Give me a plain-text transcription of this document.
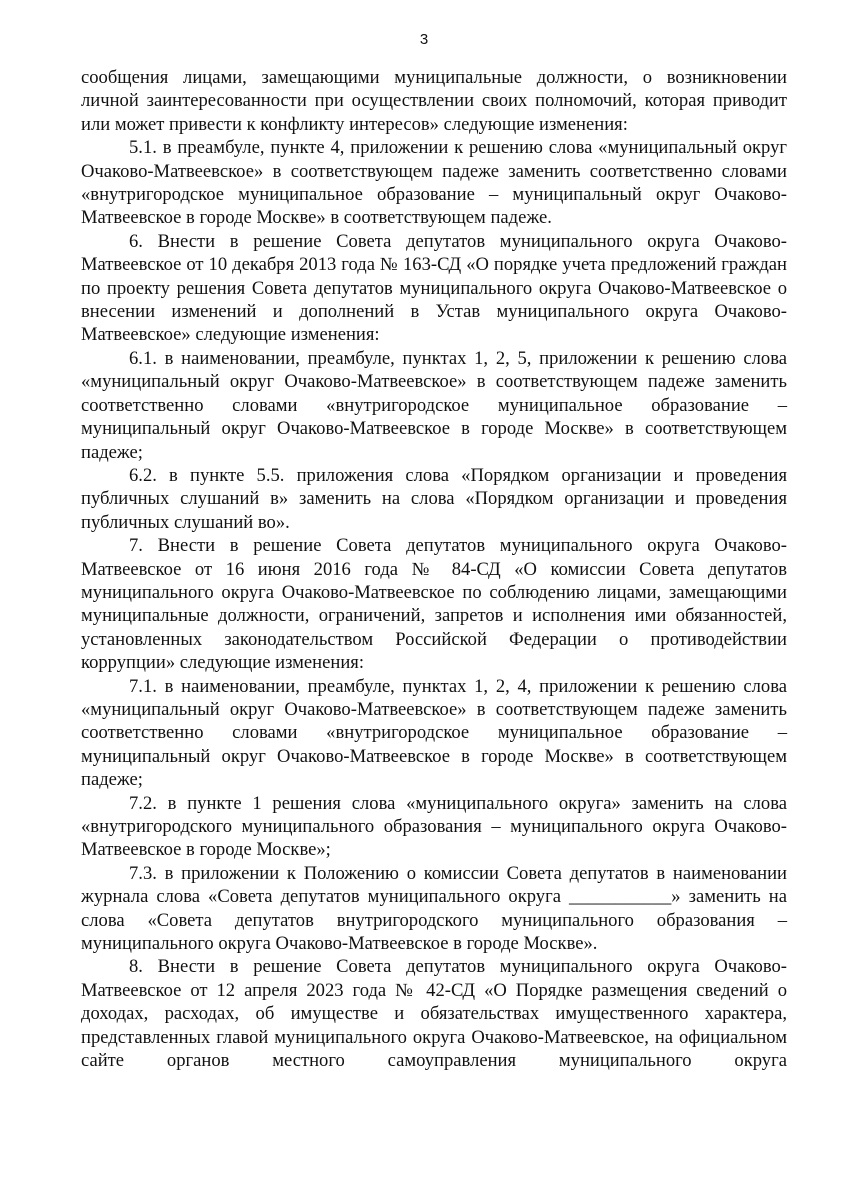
3

сообщения лицами, замещающими муниципальные должности, о возникновении личной заинтересованности при осуществлении своих полномочий, которая приводит или может привести к конфликту интересов» следующие изменения:

5.1. в преамбуле, пункте 4, приложении к решению слова «муниципальный округ Очаково-Матвеевское» в соответствующем падеже заменить соответственно словами «внутригородское муниципальное образование – муниципальный округ Очаково-Матвеевское в городе Москве» в соответствующем падеже.

6. Внести в решение Совета депутатов муниципального округа Очаково-Матвеевское от 10 декабря 2013 года № 163-СД «О порядке учета предложений граждан по проекту решения Совета депутатов муниципального округа Очаково-Матвеевское о внесении изменений и дополнений в Устав муниципального округа Очаково-Матвеевское» следующие изменения:

6.1. в наименовании, преамбуле, пунктах 1, 2, 5, приложении к решению слова «муниципальный округ Очаково-Матвеевское» в соответствующем падеже заменить соответственно словами «внутригородское муниципальное образование – муниципальный округ Очаково-Матвеевское в городе Москве» в соответствующем падеже;

6.2. в пункте 5.5. приложения слова «Порядком организации и проведения публичных слушаний в» заменить на слова «Порядком организации и проведения публичных слушаний во».

7. Внести в решение Совета депутатов муниципального округа Очаково-Матвеевское от 16 июня 2016 года № 84-СД «О комиссии Совета депутатов муниципального округа Очаково-Матвеевское по соблюдению лицами, замещающими муниципальные должности, ограничений, запретов и исполнения ими обязанностей, установленных законодательством Российской Федерации о противодействии коррупции» следующие изменения:

7.1. в наименовании, преамбуле, пунктах 1, 2, 4, приложении к решению слова «муниципальный округ Очаково-Матвеевское» в соответствующем падеже заменить соответственно словами «внутригородское муниципальное образование – муниципальный округ Очаково-Матвеевское в городе Москве» в соответствующем падеже;

7.2. в пункте 1 решения слова «муниципального округа» заменить на слова «внутригородского муниципального образования – муниципального округа Очаково-Матвеевское в городе Москве»;

7.3. в приложении к Положению о комиссии Совета депутатов в наименовании журнала слова «Совета депутатов муниципального округа ___________» заменить на слова «Совета депутатов внутригородского муниципального образования – муниципального округа Очаково-Матвеевское в городе Москве».

8. Внести в решение Совета депутатов муниципального округа Очаково-Матвеевское от 12 апреля 2023 года № 42-СД «О Порядке размещения сведений о доходах, расходах, об имуществе и обязательствах имущественного характера, представленных главой муниципального округа Очаково-Матвеевское, на официальном сайте органов местного самоуправления муниципального округа
